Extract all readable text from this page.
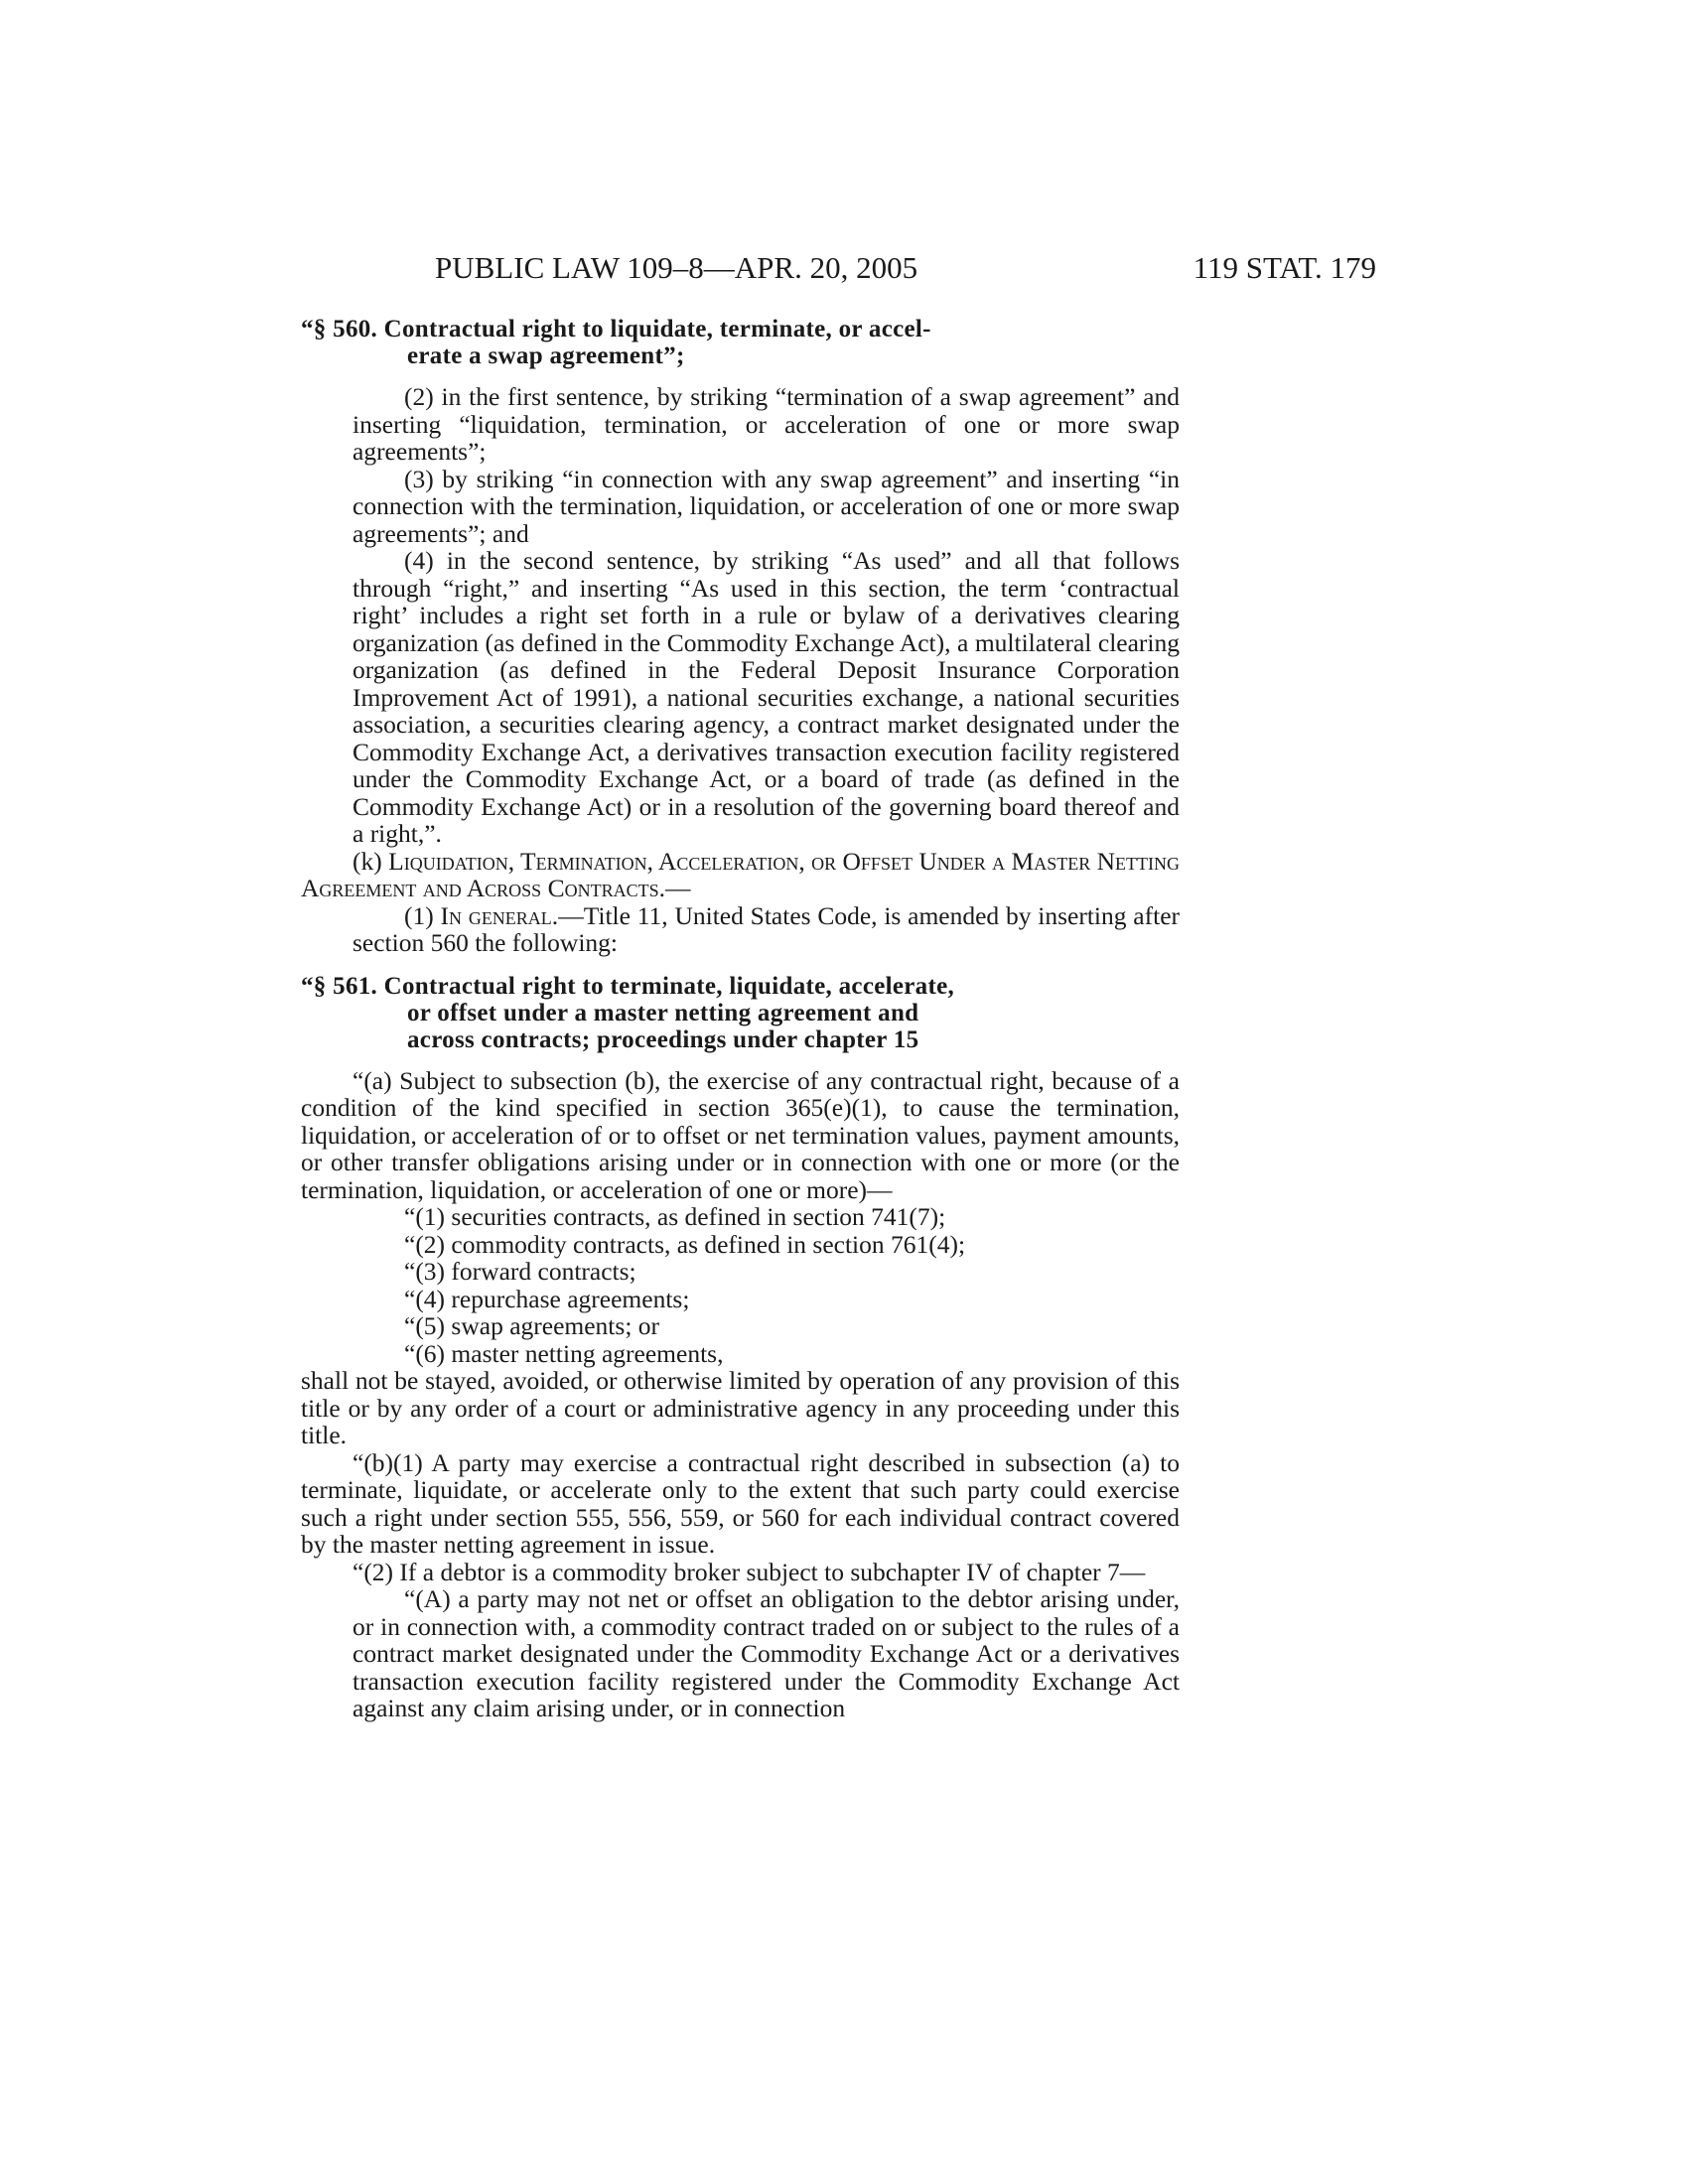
PUBLIC LAW 109–8—APR. 20, 2005	119 STAT. 179
“§ 560. Contractual right to liquidate, terminate, or accel-
erate a swap agreement”;

(2) in the first sentence, by striking “termination of a swap agreement” and inserting “liquidation, termination, or acceleration of one or more swap agreements”;

(3) by striking “in connection with any swap agreement” and inserting “in connection with the termination, liquidation, or acceleration of one or more swap agreements”; and

(4) in the second sentence, by striking “As used” and all that follows through “right,” and inserting “As used in this section, the term ‘contractual right’ includes a right set forth in a rule or bylaw of a derivatives clearing organization (as defined in the Commodity Exchange Act), a multilateral clearing organization (as defined in the Federal Deposit Insurance Corporation Improvement Act of 1991), a national securities exchange, a national securities association, a securities clearing agency, a contract market designated under the Commodity Exchange Act, a derivatives transaction execution facility registered under the Commodity Exchange Act, or a board of trade (as defined in the Commodity Exchange Act) or in a resolution of the governing board thereof and a right,”.

(k) Liquidation, Termination, Acceleration, or Offset Under a Master Netting Agreement and Across Contracts.—

(1) In general.—Title 11, United States Code, is amended by inserting after section 560 the following:

“§ 561. Contractual right to terminate, liquidate, accelerate,
or offset under a master netting agreement and
across contracts; proceedings under chapter 15

“(a) Subject to subsection (b), the exercise of any contractual right, because of a condition of the kind specified in section 365(e)(1), to cause the termination, liquidation, or acceleration of or to offset or net termination values, payment amounts, or other transfer obligations arising under or in connection with one or more (or the termination, liquidation, or acceleration of one or more)—

“(1) securities contracts, as defined in section 741(7);

“(2) commodity contracts, as defined in section 761(4);

“(3) forward contracts;

“(4) repurchase agreements;

“(5) swap agreements; or

“(6) master netting agreements,

shall not be stayed, avoided, or otherwise limited by operation of any provision of this title or by any order of a court or administrative agency in any proceeding under this title.

“(b)(1) A party may exercise a contractual right described in subsection (a) to terminate, liquidate, or accelerate only to the extent that such party could exercise such a right under section 555, 556, 559, or 560 for each individual contract covered by the master netting agreement in issue.

“(2) If a debtor is a commodity broker subject to subchapter IV of chapter 7—

“(A) a party may not net or offset an obligation to the debtor arising under, or in connection with, a commodity contract traded on or subject to the rules of a contract market designated under the Commodity Exchange Act or a derivatives transaction execution facility registered under the Commodity Exchange Act against any claim arising under, or in connection
